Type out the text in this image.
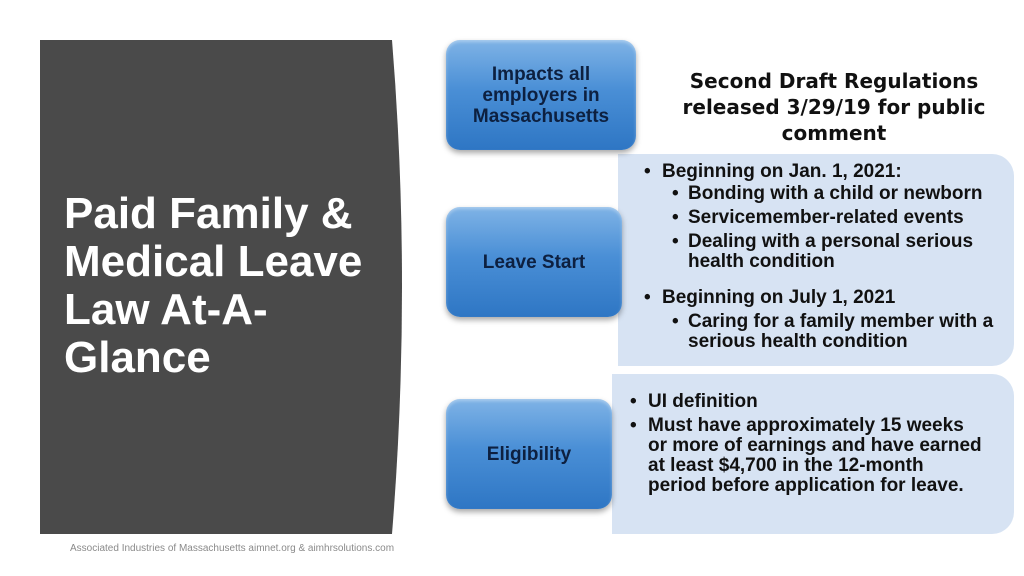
Paid Family & Medical Leave Law At-A-Glance
Second Draft Regulations released 3/29/19 for public comment
• Beginning on Jan. 1, 2021:
• Bonding with a child or newborn
• Servicemember-related events
• Dealing with a personal serious health condition
• Beginning on July 1, 2021
• Caring for a family member with a serious health condition
• UI definition
• Must have approximately 15 weeks or more of earnings and have earned at least $4,700 in the 12-month period before application for leave.
Impacts all employers in Massachusetts
Leave Start
Eligibility
Associated Industries of Massachusetts aimnet.org & aimhrsolutions.com
